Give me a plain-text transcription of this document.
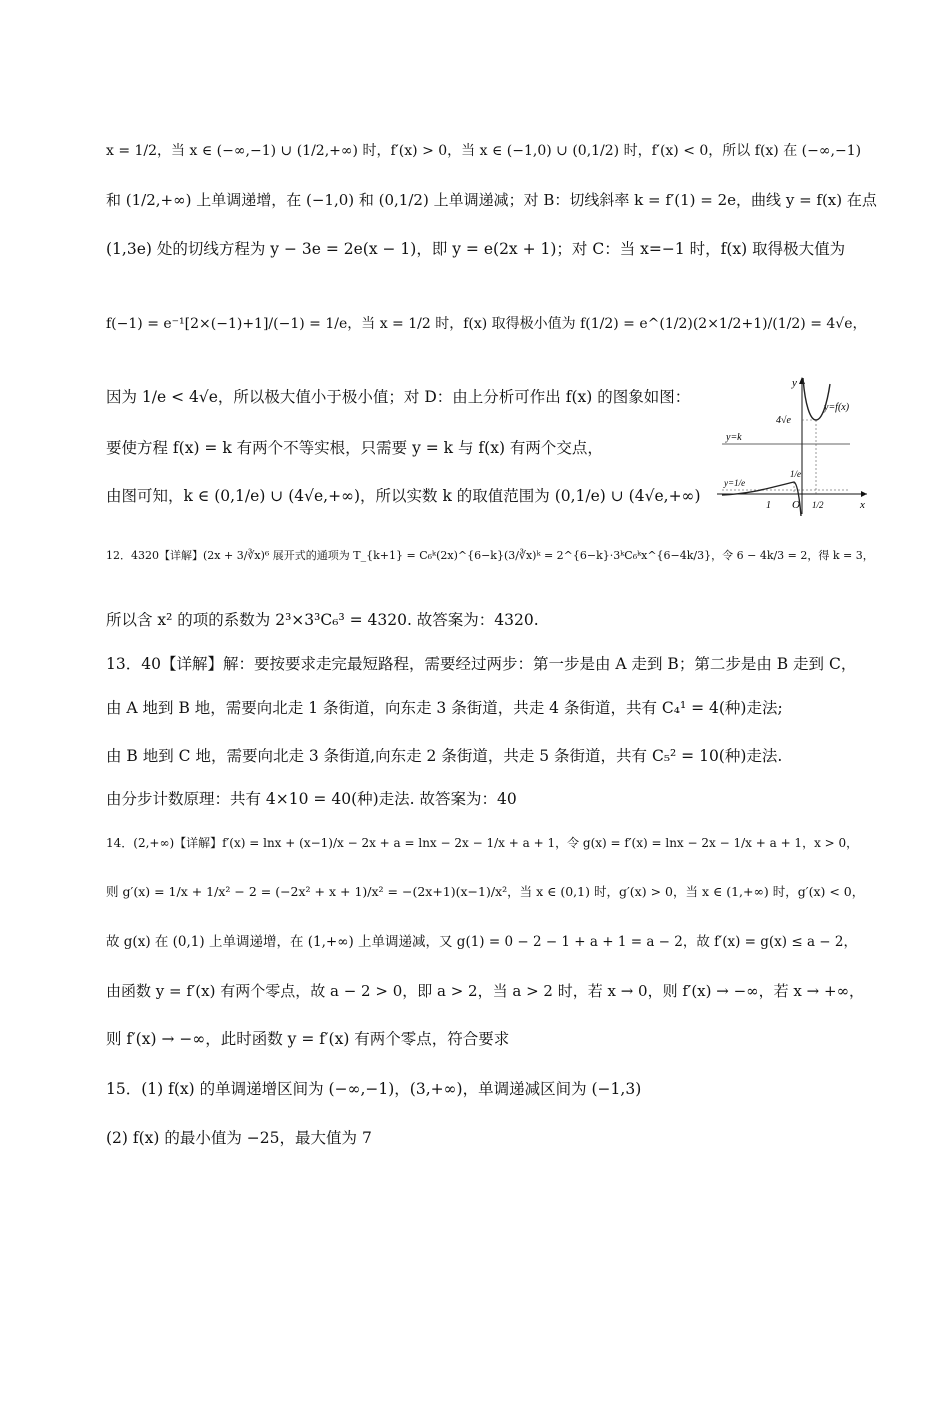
x = 1/2，当 x ∈ (−∞,−1) ∪ (1/2,+∞) 时，f′(x) > 0，当 x ∈ (−1,0) ∪ (0,1/2) 时，f′(x) < 0，所以 f(x) 在 (−∞,−1)
和 (1/2,+∞) 上单调递增，在 (−1,0) 和 (0,1/2) 上单调递减；对 B：切线斜率 k = f′(1) = 2e，曲线 y = f(x) 在点
(1,3e) 处的切线方程为 y − 3e = 2e(x − 1)，即 y = e(2x + 1)；对 C：当 x=−1 时，f(x) 取得极大值为
f(−1) = e⁻¹[2×(−1)+1]/(−1) = 1/e，当 x = 1/2 时，f(x) 取得极小值为 f(1/2) = e^(1/2)(2×1/2+1)/(1/2) = 4√e，
因为 1/e < 4√e，所以极大值小于极小值；对 D：由上分析可作出 f(x) 的图象如图：
要使方程 f(x) = k 有两个不等实根，只需要 y = k 与 f(x) 有两个交点，
由图可知，k ∈ (0,1/e) ∪ (4√e,+∞)，所以实数 k 的取值范围为 (0,1/e) ∪ (4√e,+∞)
y
x
O
y=k
y=1/e
4√e
1/e
1	1/2
y=f(x)
12．4320【详解】(2x + 3/∛x)⁶ 展开式的通项为 T_{k+1} = C₆ᵏ(2x)^{6−k}(3/∛x)ᵏ = 2^{6−k}·3ᵏC₆ᵏx^{6−4k/3}，令 6 − 4k/3 = 2，得 k = 3，
所以含 x² 的项的系数为 2³×3³C₆³ = 4320. 故答案为：4320.
13．40【详解】解：要按要求走完最短路程，需要经过两步：第一步是由 A 走到 B；第二步是由 B 走到 C，
由 A 地到 B 地，需要向北走 1 条街道，向东走 3 条街道，共走 4 条街道，共有 C₄¹ = 4(种)走法;
由 B 地到 C 地，需要向北走 3 条街道,向东走 2 条街道，共走 5 条街道，共有 C₅² = 10(种)走法.
由分步计数原理：共有 4×10 = 40(种)走法. 故答案为：40
14．(2,+∞)【详解】f′(x) = lnx + (x−1)/x − 2x + a = lnx − 2x − 1/x + a + 1，令 g(x) = f′(x) = lnx − 2x − 1/x + a + 1，x > 0，
则 g′(x) = 1/x + 1/x² − 2 = (−2x² + x + 1)/x² = −(2x+1)(x−1)/x²，当 x ∈ (0,1) 时，g′(x) > 0，当 x ∈ (1,+∞) 时，g′(x) < 0，
故 g(x) 在 (0,1) 上单调递增，在 (1,+∞) 上单调递减，又 g(1) = 0 − 2 − 1 + a + 1 = a − 2，故 f′(x) = g(x) ≤ a − 2，
由函数 y = f′(x) 有两个零点，故 a − 2 > 0，即 a > 2，当 a > 2 时，若 x → 0，则 f′(x) → −∞，若 x → +∞，
则 f′(x) → −∞，此时函数 y = f′(x) 有两个零点，符合要求
15．(1) f(x) 的单调递增区间为 (−∞,−1)，(3,+∞)，单调递减区间为 (−1,3)
(2) f(x) 的最小值为 −25，最大值为 7
